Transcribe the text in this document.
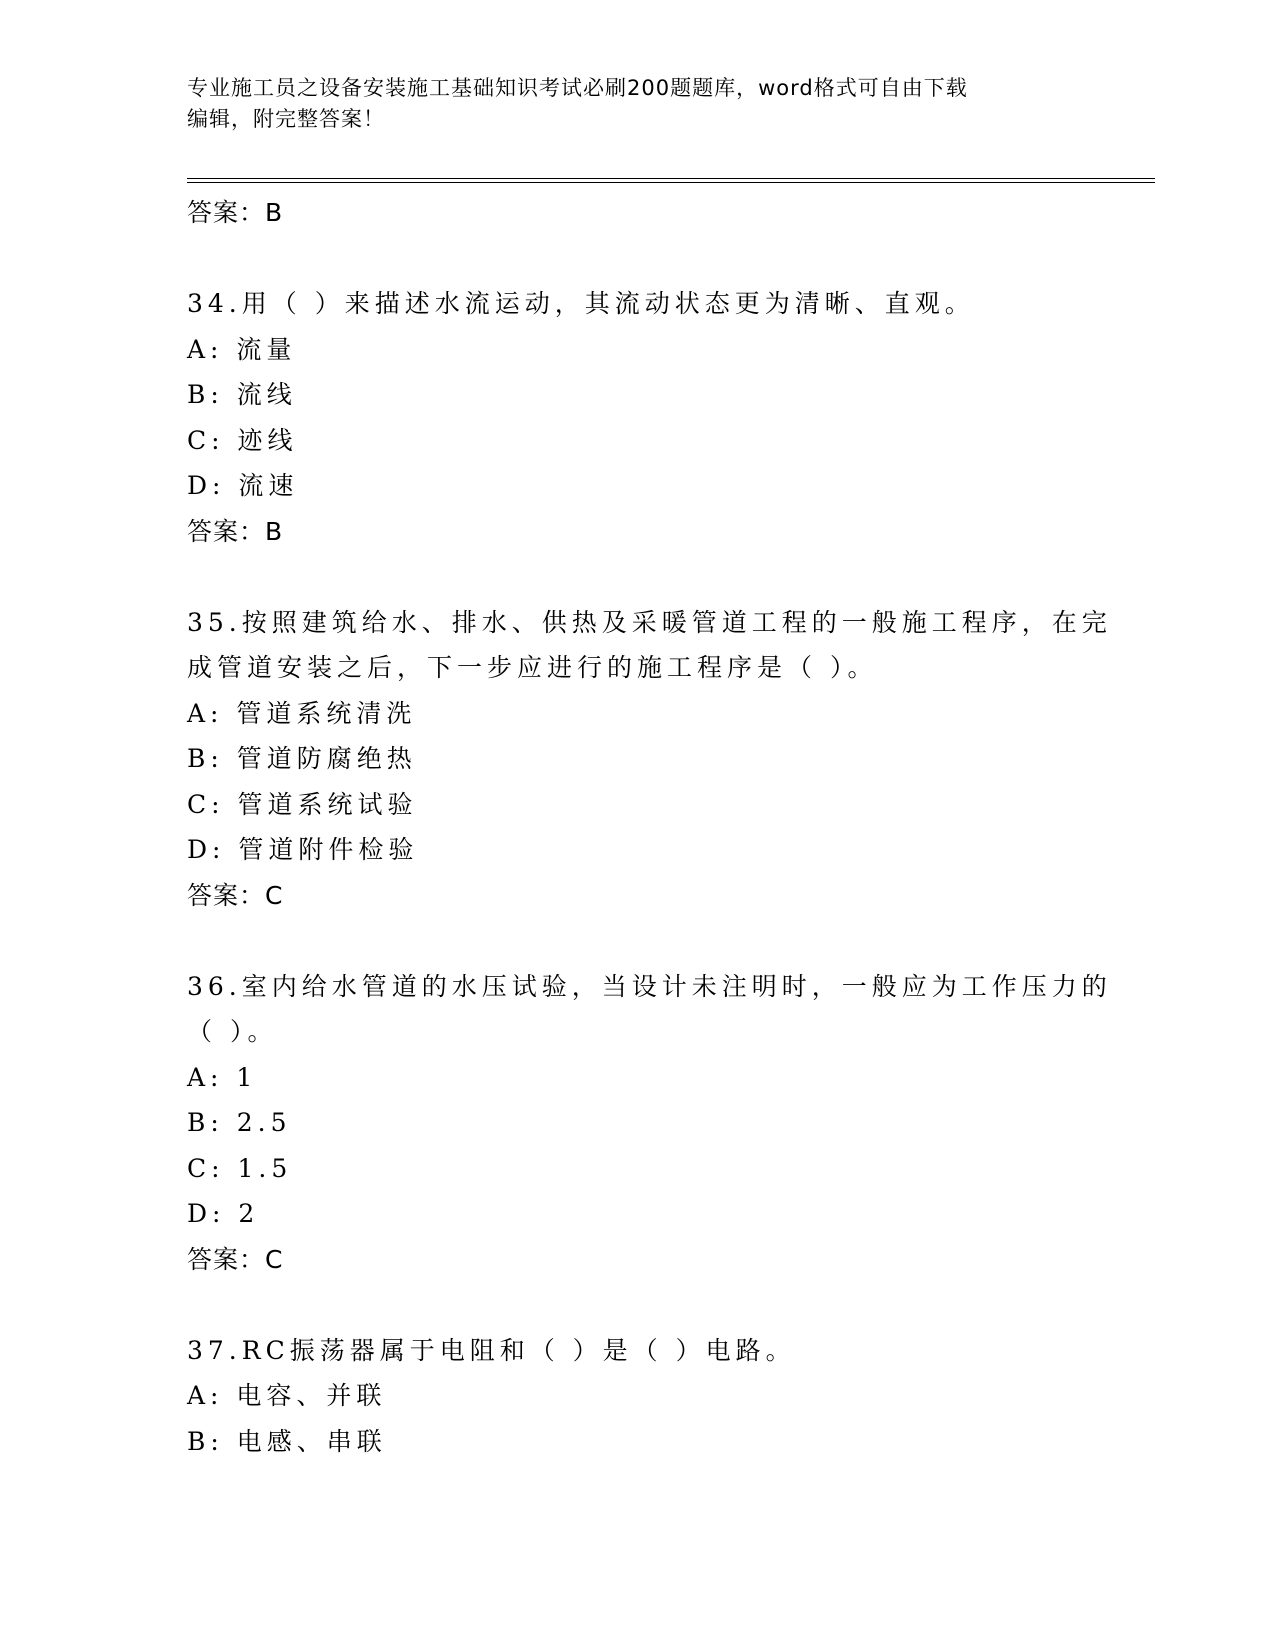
专业施工员之设备安装施工基础知识考试必刷200题题库，word格式可自由下载
编辑，附完整答案！
答案：B
34.用（ ）来描述水流运动，其流动状态更为清晰、直观。
A: 流量
B: 流线
C: 迹线
D: 流速
答案：B
35.按照建筑给水、排水、供热及采暖管道工程的一般施工程序，在完
成管道安装之后，下一步应进行的施工程序是（ ）。
A: 管道系统清洗
B: 管道防腐绝热
C: 管道系统试验
D: 管道附件检验
答案：C
36.室内给水管道的水压试验，当设计未注明时，一般应为工作压力的
（ ）。
A: 1
B: 2.5
C: 1.5
D: 2
答案：C
37.RC振荡器属于电阻和（ ）是（ ）电路。
A: 电容、并联
B: 电感、串联
